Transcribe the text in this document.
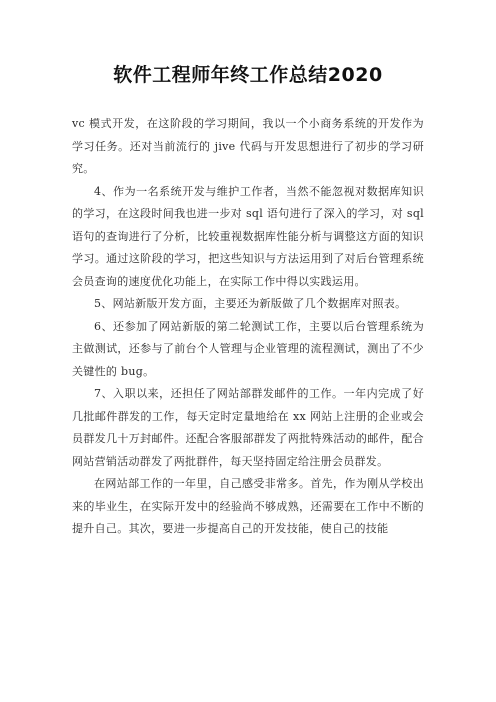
软件工程师年终工作总结2020

vc 模式开发，在这阶段的学习期间，我以一个小商务系统的开发作为学习任务。还对当前流行的 jive 代码与开发思想进行了初步的学习研究。

4、作为一名系统开发与维护工作者，当然不能忽视对数据库知识的学习，在这段时间我也进一步对 sql 语句进行了深入的学习，对 sql 语句的查询进行了分析，比较重视数据库性能分析与调整这方面的知识学习。通过这阶段的学习，把这些知识与方法运用到了对后台管理系统会员查询的速度优化功能上，在实际工作中得以实践运用。

5、网站新版开发方面，主要还为新版做了几个数据库对照表。

6、还参加了网站新版的第二轮测试工作，主要以后台管理系统为主做测试，还参与了前台个人管理与企业管理的流程测试，测出了不少关键性的 bug。

7、入职以来，还担任了网站部群发邮件的工作。一年内完成了好几批邮件群发的工作，每天定时定量地给在 xx 网站上注册的企业或会员群发几十万封邮件。还配合客服部群发了两批特殊活动的邮件，配合网站营销活动群发了两批群件，每天坚持固定给注册会员群发。

在网站部工作的一年里，自己感受非常多。首先，作为刚从学校出来的毕业生，在实际开发中的经验尚不够成熟，还需要在工作中不断的提升自己。其次，要进一步提高自己的开发技能，使自己的技能
